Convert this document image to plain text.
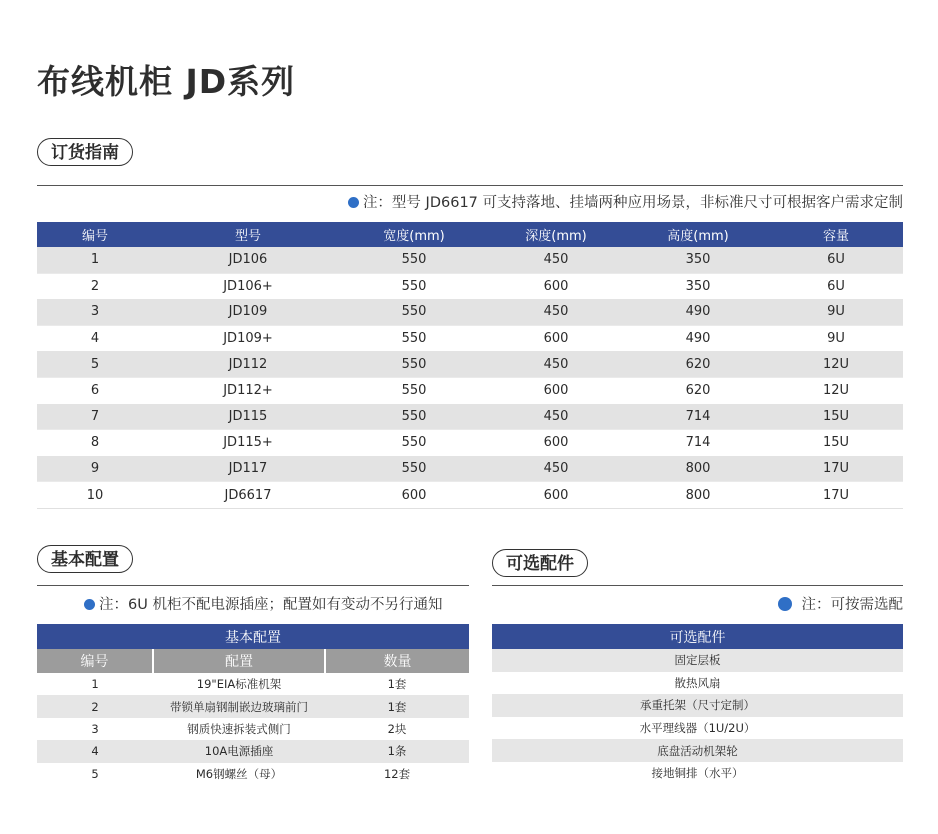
布线机柜 JD系列
订货指南
注：型号 JD6617 可支持落地、挂墙两种应用场景，非标准尺寸可根据客户需求定制
编号	型号	宽度(mm)	深度(mm)	高度(mm)	容量
1	JD106	550	450	350	6U
2	JD106+	550	600	350	6U
3	JD109	550	450	490	9U
4	JD109+	550	600	490	9U
5	JD112	550	450	620	12U
6	JD112+	550	600	620	12U
7	JD115	550	450	714	15U
8	JD115+	550	600	714	15U
9	JD117	550	450	800	17U
10	JD6617	600	600	800	17U
基本配置
注：6U 机柜不配电源插座；配置如有变动不另行通知
基本配置		
编号	配置	数量
1	19"EIA标准机架	1套
2	带锁单扇钢制嵌边玻璃前门	1套
3	钢质快速拆装式侧门	2块
4	10A电源插座	1条
5	M6钢螺丝（母）	12套
可选配件
注：可按需选配
可选配件
固定层板
散热风扇
承重托架（尺寸定制）
水平理线器（1U/2U）
底盘活动机架轮
接地铜排（水平）
